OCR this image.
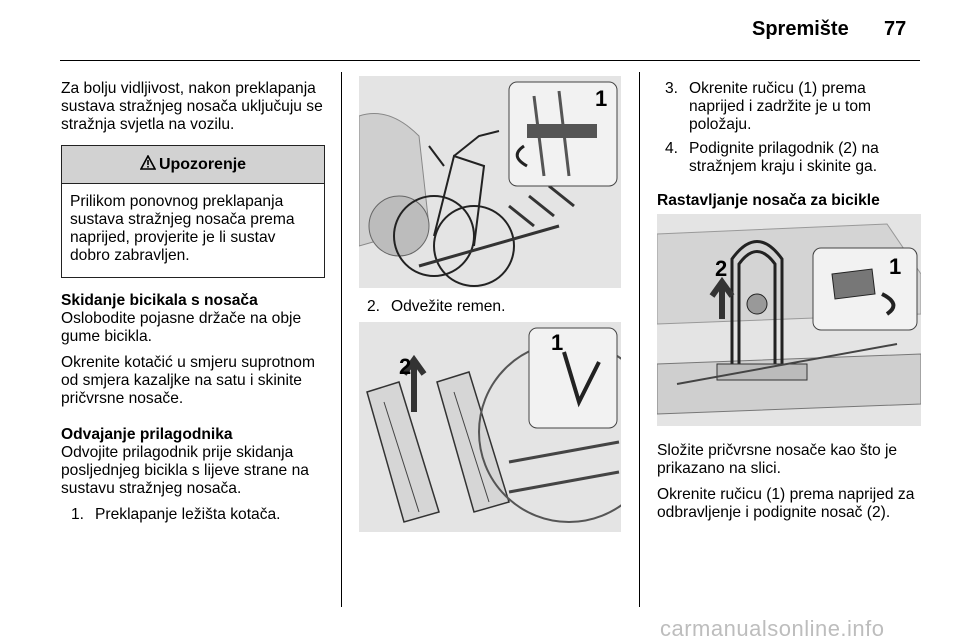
Spremište 77

Za bolju vidljivost, nakon preklapanja sustava stražnjeg nosača uključuju se stražnja svjetla na vozilu.

Upozorenje
Prilikom ponovnog preklapanja sustava stražnjeg nosača prema naprijed, provjerite je li sustav dobro zabravljen.
Skidanje bicikala s nosača

Oslobodite pojasne držače na obje gume bicikla.

Okrenite kotačić u smjeru suprotnom od smjera kazaljke na satu i skinite pričvrsne nosače.

Odvajanje prilagodnika

Odvojite prilagodnik prije skidanja posljednjeg bicikla s lijeve strane na sustavu stražnjeg nosača.

1. Preklapanje ležišta kotača.
1
2. Odvežite remen.
2
1
3. Okrenite ručicu (1) prema naprijed i zadržite je u tom položaju.
4. Podignite prilagodnik (2) na stražnjem kraju i skinite ga.
Rastavljanje nosača za bicikle
2	1

Složite pričvrsne nosače kao što je prikazano na slici.

Okrenite ručicu (1) prema naprijed za odbravljenje i podignite nosač (2).

carmanualsonline.info
